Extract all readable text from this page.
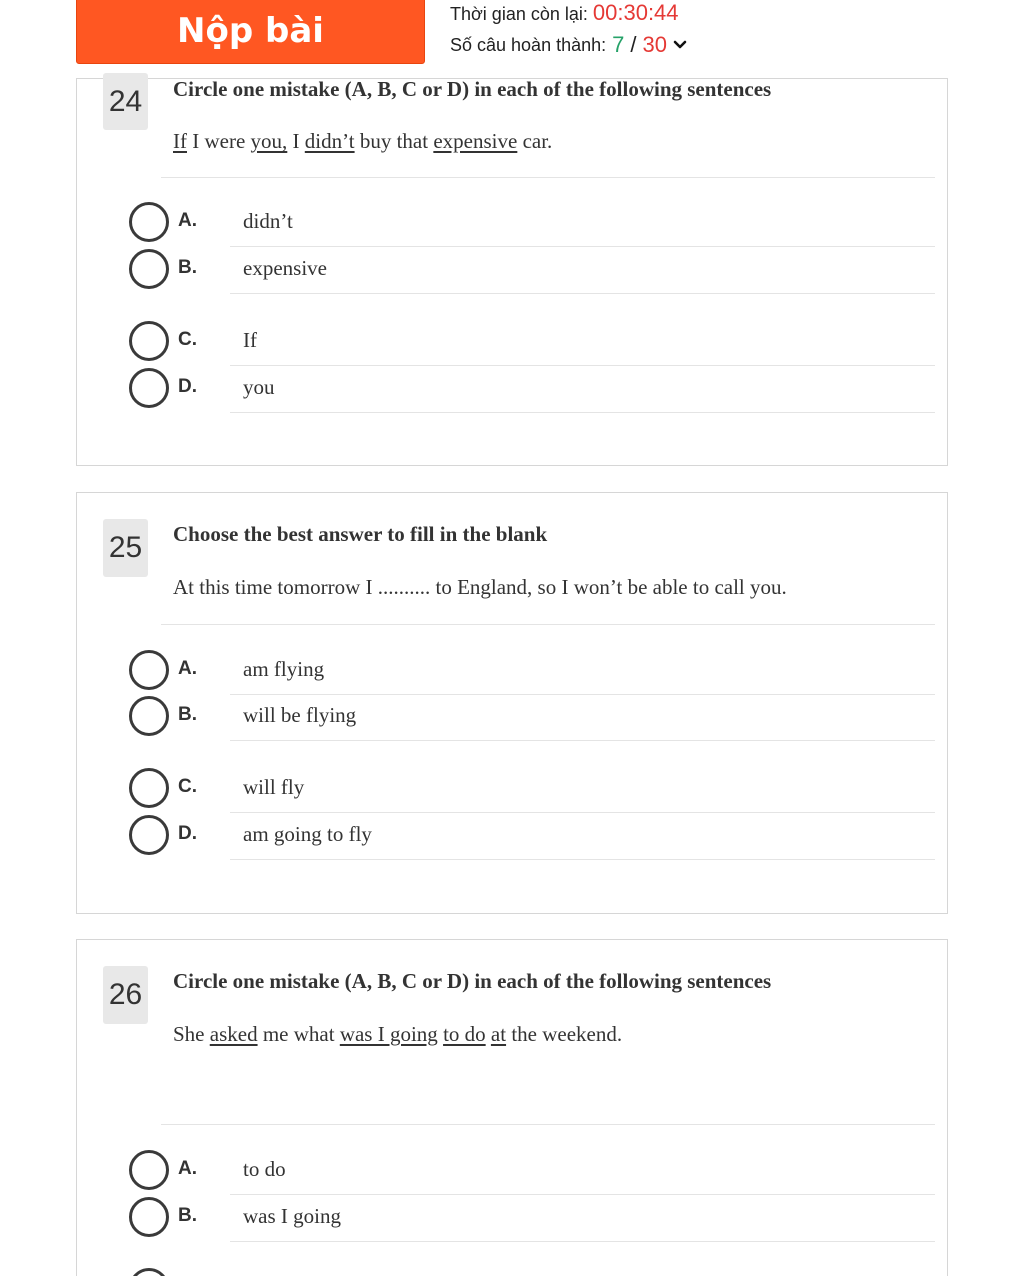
Nộp bài	Thời gian còn lại: 00:30:44
Số câu hoàn thành: 7 / 30
24 Circle one mistake (A, B, C or D) in each of the following sentences
If I were you, I didn’t buy that expensive car.
A. didn’t
B. expensive
C. If
D. you
25 Choose the best answer to fill in the blank
At this time tomorrow I .......... to England, so I won’t be able to call you.
A. am flying
B. will be flying
C. will fly
D. am going to fly
26 Circle one mistake (A, B, C or D) in each of the following sentences
She asked me what was I going to do at the weekend.
A. to do
B. was I going
